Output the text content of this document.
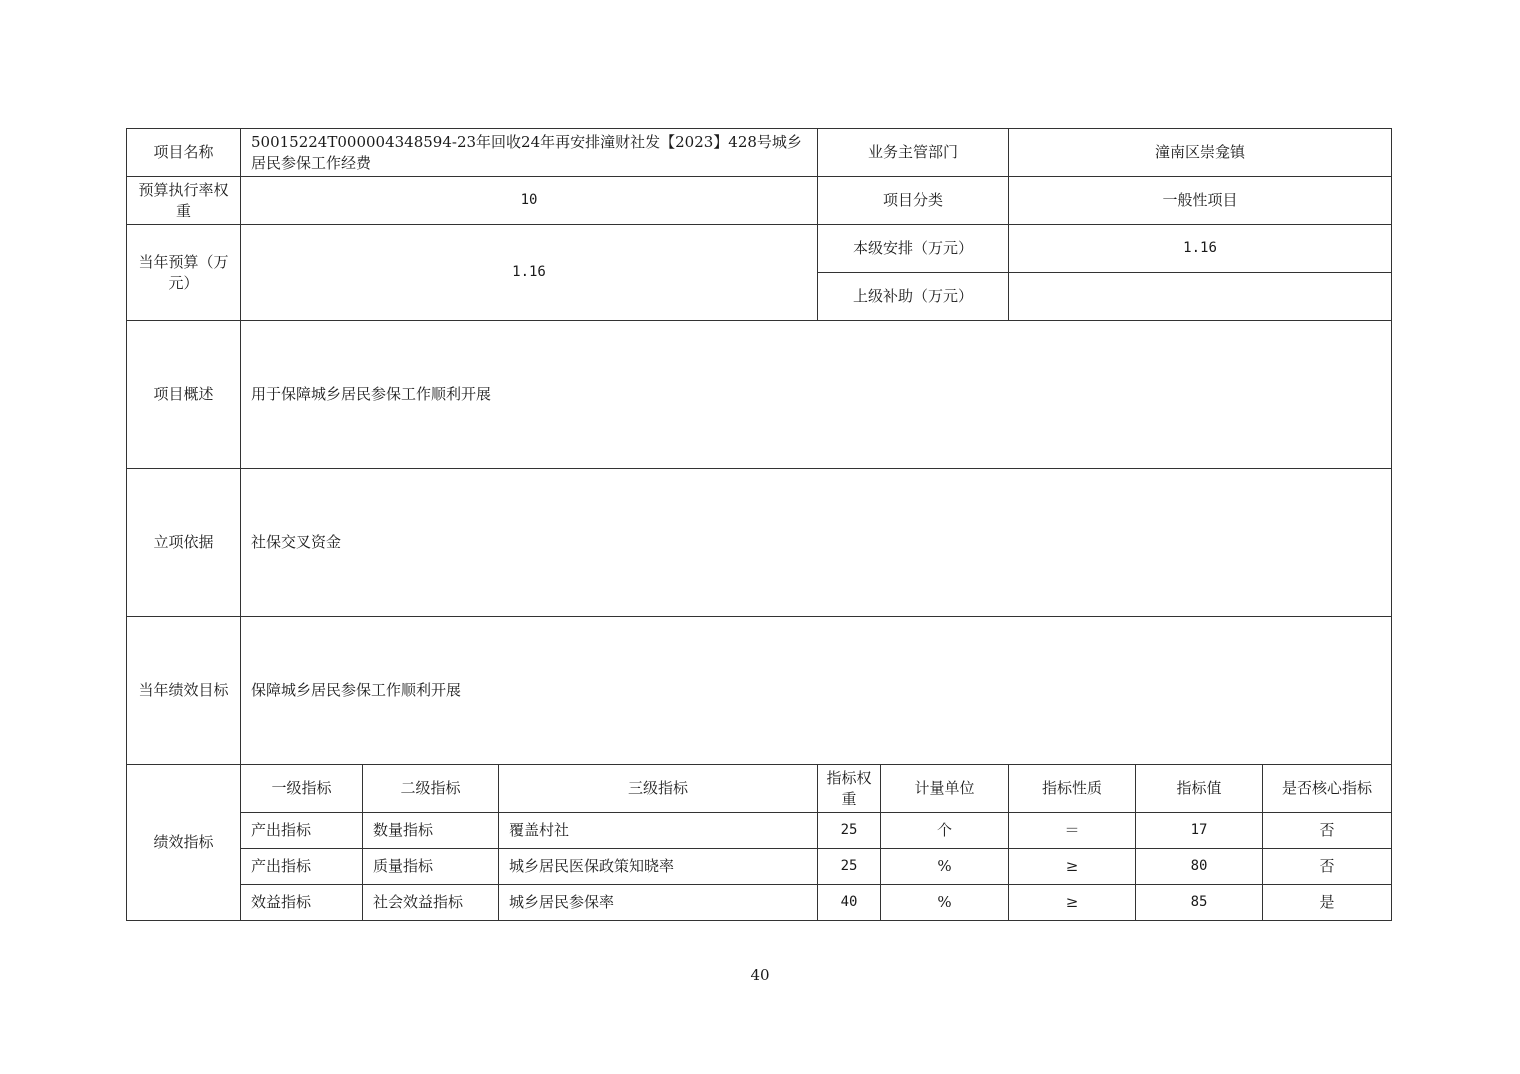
项目名称	50015224T000004348594-23年回收24年再安排潼财社发【2023】428号城乡居民参保工作经费			业务主管部门		潼南区崇龛镇		
预算执行率权重	10			项目分类		一般性项目		
当年预算（万元）	1.16			本级安排（万元）		1.16		
				上级补助（万元）				
项目概述	用于保障城乡居民参保工作顺利开展							
立项依据	社保交叉资金							
当年绩效目标	保障城乡居民参保工作顺利开展							
绩效指标	一级指标	二级指标	三级指标	指标权重	计量单位	指标性质	指标值	是否核心指标
	产出指标	数量指标	覆盖村社	25	个	＝	17	否
	产出指标	质量指标	城乡居民医保政策知晓率	25	%	≥	80	否
	效益指标	社会效益指标	城乡居民参保率	40	%	≥	85	是
40
